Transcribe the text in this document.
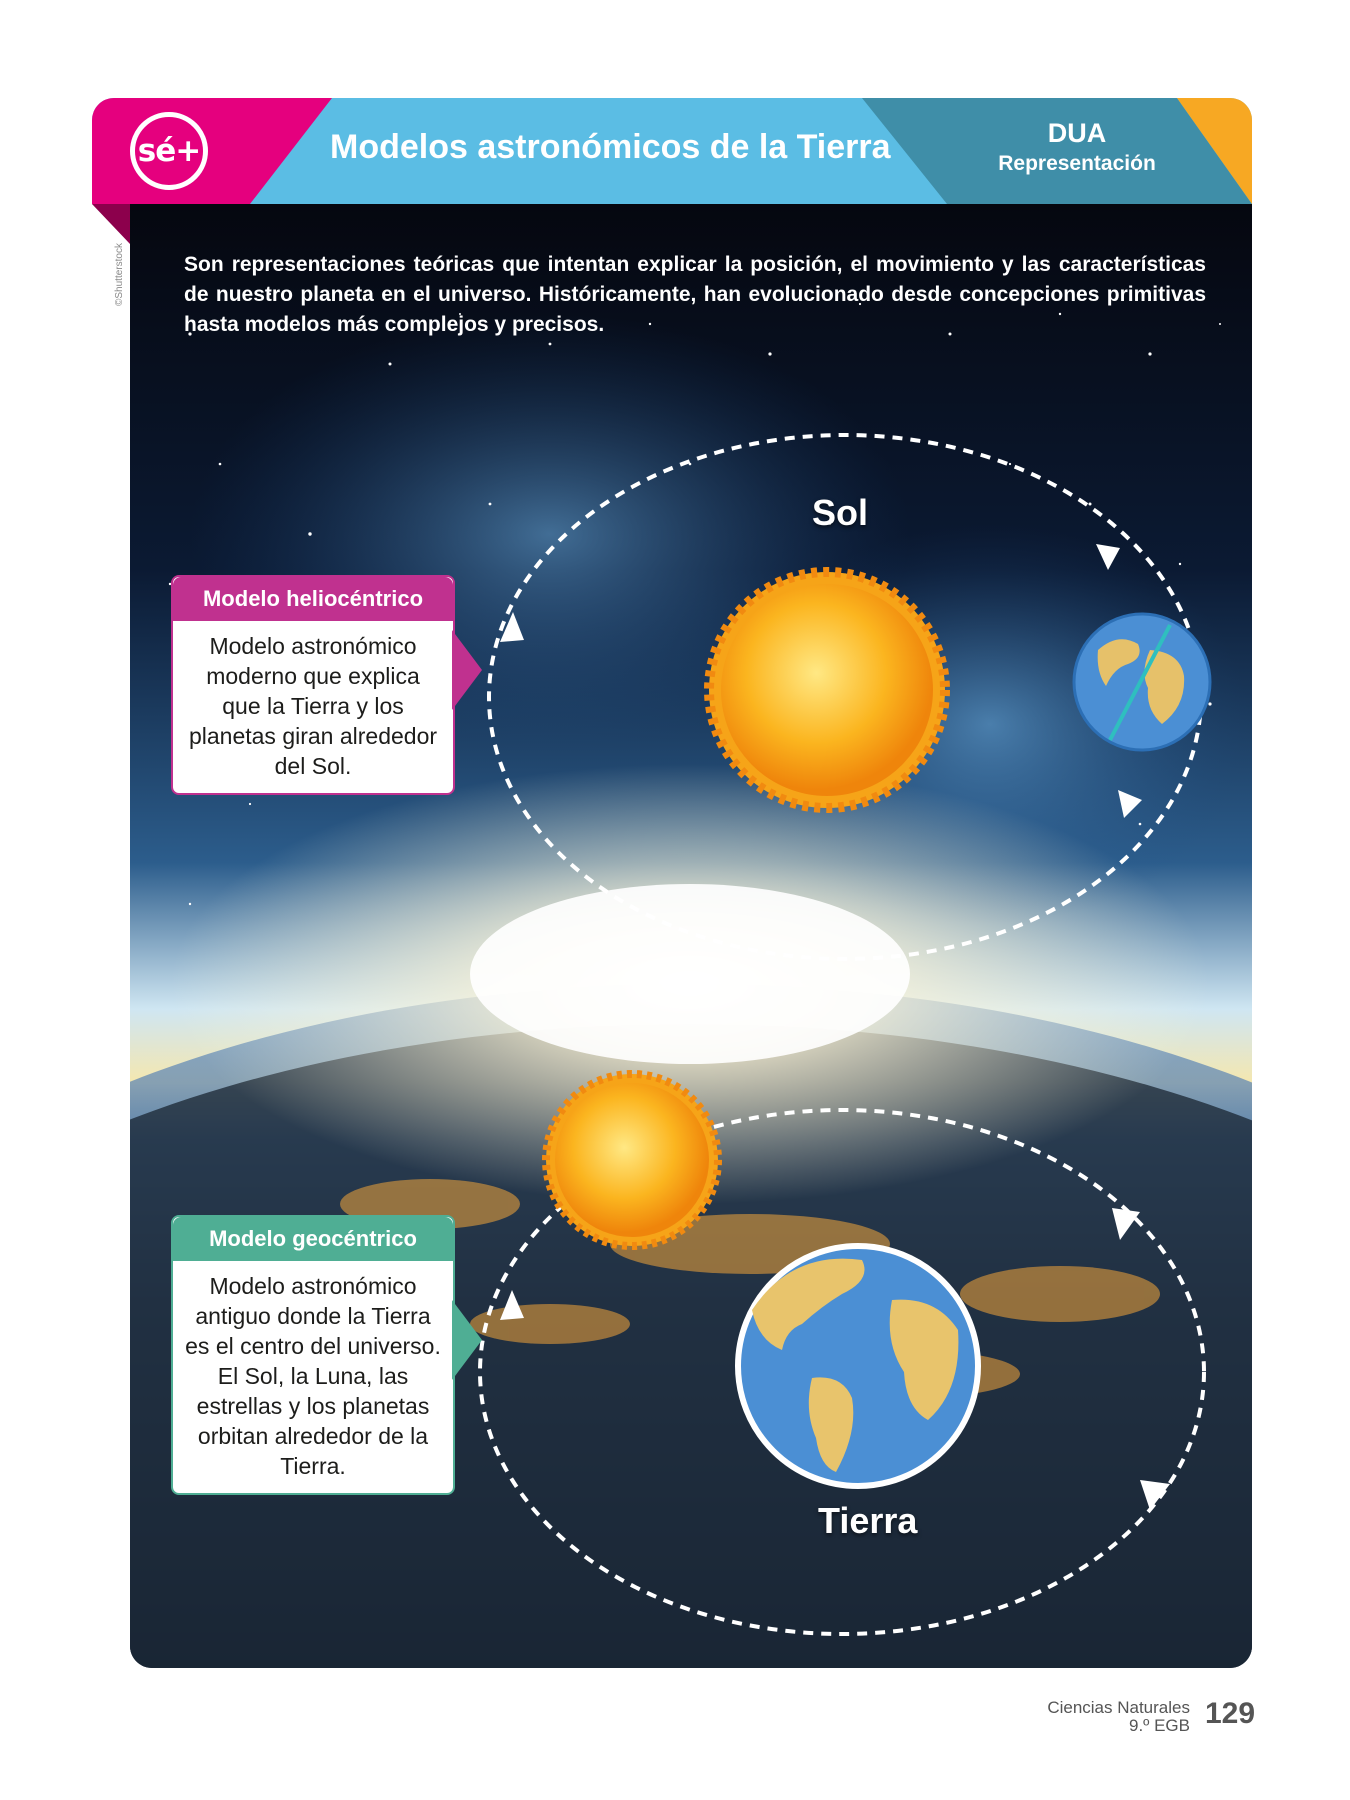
sé+	Modelos astronómicos de la Tierra	DUA
Representación
©Shutterstock	Son representaciones teóricas que intentan explicar la posición, el movimiento y las características de nuestro planeta en el universo. Históricamente, han evolucionado desde concepciones primitivas hasta modelos más complejos y precisos.
Sol
Tierra
Modelo heliocéntrico
Modelo astronómico moderno que explica que la Tierra y los planetas giran alrededor del Sol.
Modelo geocéntrico
Modelo astronómico antiguo donde la Tierra es el centro del universo. El Sol, la Luna, las estrellas y los planetas orbitan alrededor de la Tierra.
Ciencias Naturales
9.º EGB 129
